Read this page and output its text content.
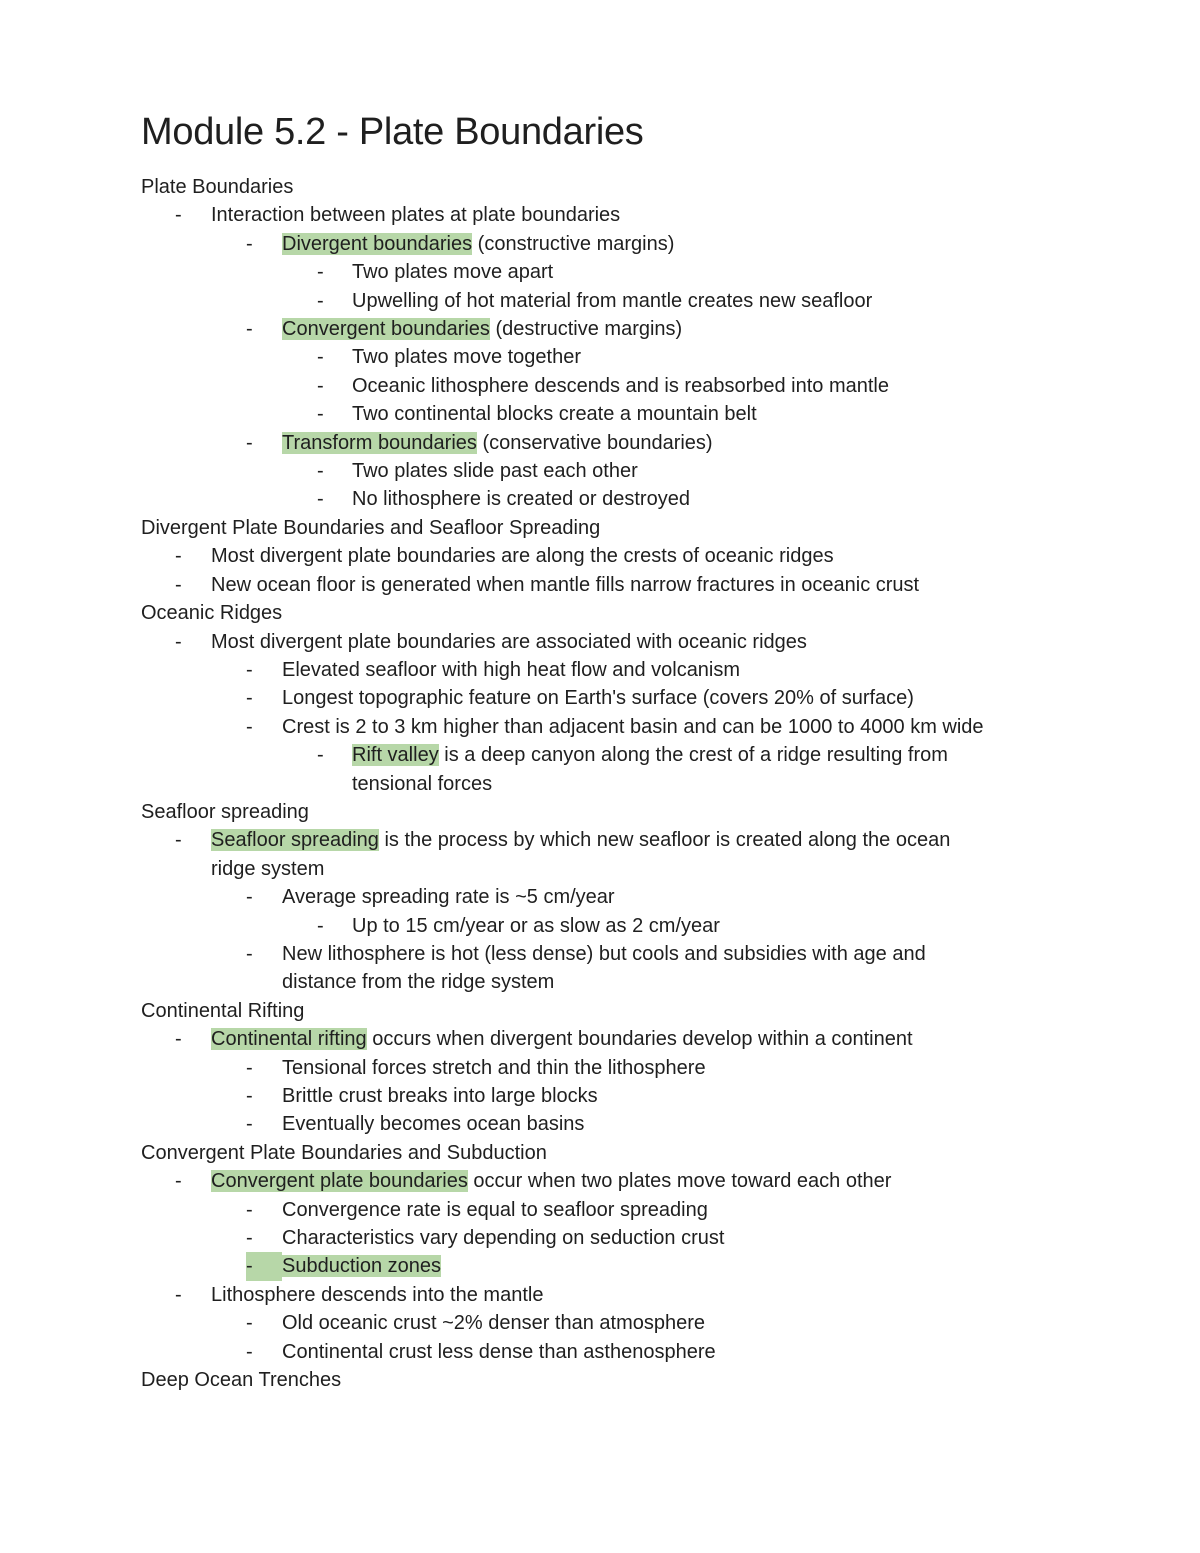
Module 5.2 - Plate Boundaries
Plate Boundaries
-	Interaction between plates at plate boundaries
-	Divergent boundaries (constructive margins)
-	Two plates move apart
-	Upwelling of hot material from mantle creates new seafloor
-	Convergent boundaries (destructive margins)
-	Two plates move together
-	Oceanic lithosphere descends and is reabsorbed into mantle
-	Two continental blocks create a mountain belt
-	Transform boundaries (conservative boundaries)
-	Two plates slide past each other
-	No lithosphere is created or destroyed
Divergent Plate Boundaries and Seafloor Spreading
-	Most divergent plate boundaries are along the crests of oceanic ridges
-	New ocean floor is generated when mantle fills narrow fractures in oceanic crust
Oceanic Ridges
-	Most divergent plate boundaries are associated with oceanic ridges
-	Elevated seafloor with high heat flow and volcanism
-	Longest topographic feature on Earth's surface (covers 20% of surface)
-	Crest is 2 to 3 km higher than adjacent basin and can be 1000 to 4000 km wide
-	Rift valley is a deep canyon along the crest of a ridge resulting from
tensional forces
Seafloor spreading
-	Seafloor spreading is the process by which new seafloor is created along the ocean
ridge system
-	Average spreading rate is ~5 cm/year
-	Up to 15 cm/year or as slow as 2 cm/year
-	New lithosphere is hot (less dense) but cools and subsidies with age and
distance from the ridge system
Continental Rifting
-	Continental rifting occurs when divergent boundaries develop within a continent
-	Tensional forces stretch and thin the lithosphere
-	Brittle crust breaks into large blocks
-	Eventually becomes ocean basins
Convergent Plate Boundaries and Subduction
-	Convergent plate boundaries occur when two plates move toward each other
-	Convergence rate is equal to seafloor spreading
-	Characteristics vary depending on seduction crust
-	Subduction zones
-	Lithosphere descends into the mantle
-	Old oceanic crust ~2% denser than atmosphere
-	Continental crust less dense than asthenosphere
Deep Ocean Trenches
